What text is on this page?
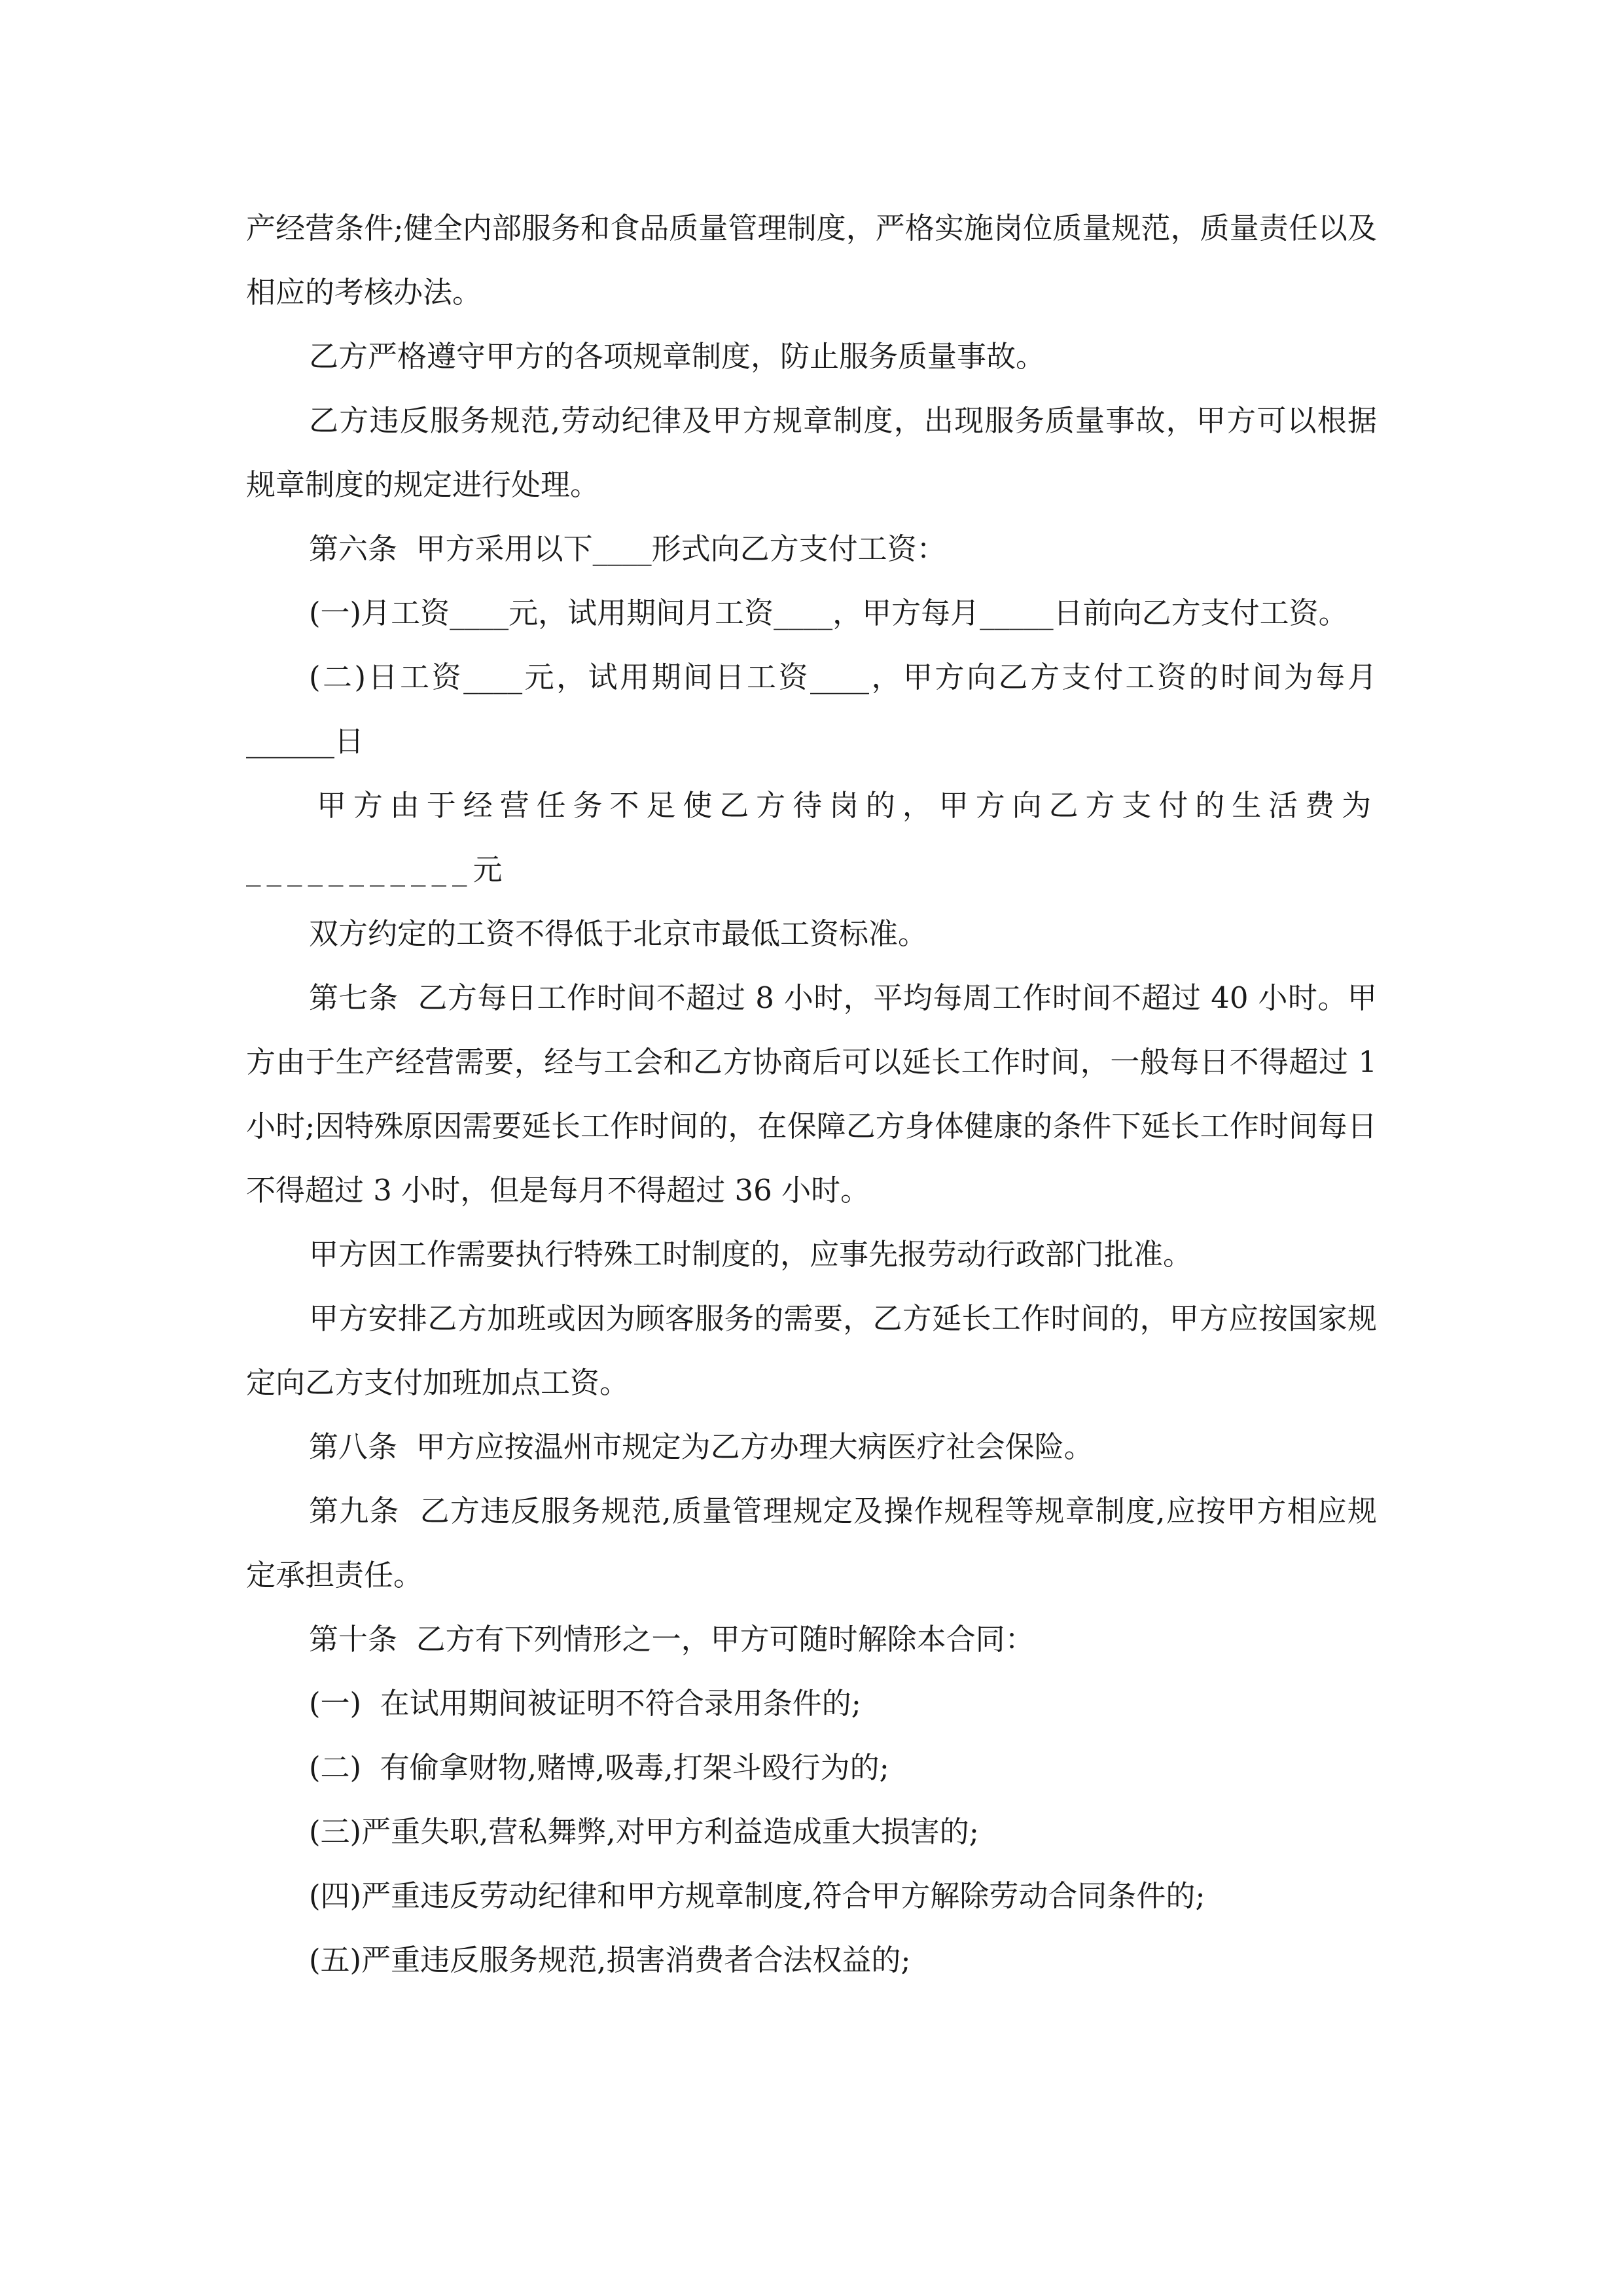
产经营条件;健全内部服务和食品质量管理制度，严格实施岗位质量规范，质量责任以及相应的考核办法。

乙方严格遵守甲方的各项规章制度，防止服务质量事故。

乙方违反服务规范,劳动纪律及甲方规章制度，出现服务质量事故，甲方可以根据规章制度的规定进行处理。

第六条  甲方采用以下____形式向乙方支付工资：

(一)月工资____元，试用期间月工资____，甲方每月_____日前向乙方支付工资。

(二)日工资____元，试用期间日工资____，甲方向乙方支付工资的时间为每月______日

甲方由于经营任务不足使乙方待岗的，甲方向乙方支付的生活费为___________元

双方约定的工资不得低于北京市最低工资标准。

第七条  乙方每日工作时间不超过 8 小时，平均每周工作时间不超过 40 小时。甲方由于生产经营需要，经与工会和乙方协商后可以延长工作时间，一般每日不得超过 1 小时;因特殊原因需要延长工作时间的，在保障乙方身体健康的条件下延长工作时间每日不得超过 3 小时，但是每月不得超过 36 小时。

甲方因工作需要执行特殊工时制度的，应事先报劳动行政部门批准。

甲方安排乙方加班或因为顾客服务的需要，乙方延长工作时间的，甲方应按国家规定向乙方支付加班加点工资。

第八条  甲方应按温州市规定为乙方办理大病医疗社会保险。

第九条  乙方违反服务规范,质量管理规定及操作规程等规章制度,应按甲方相应规定承担责任。

第十条  乙方有下列情形之一，甲方可随时解除本合同：

(一)  在试用期间被证明不符合录用条件的;

(二)  有偷拿财物,赌博,吸毒,打架斗殴行为的;

(三)严重失职,营私舞弊,对甲方利益造成重大损害的;

(四)严重违反劳动纪律和甲方规章制度,符合甲方解除劳动合同条件的;

(五)严重违反服务规范,损害消费者合法权益的;
